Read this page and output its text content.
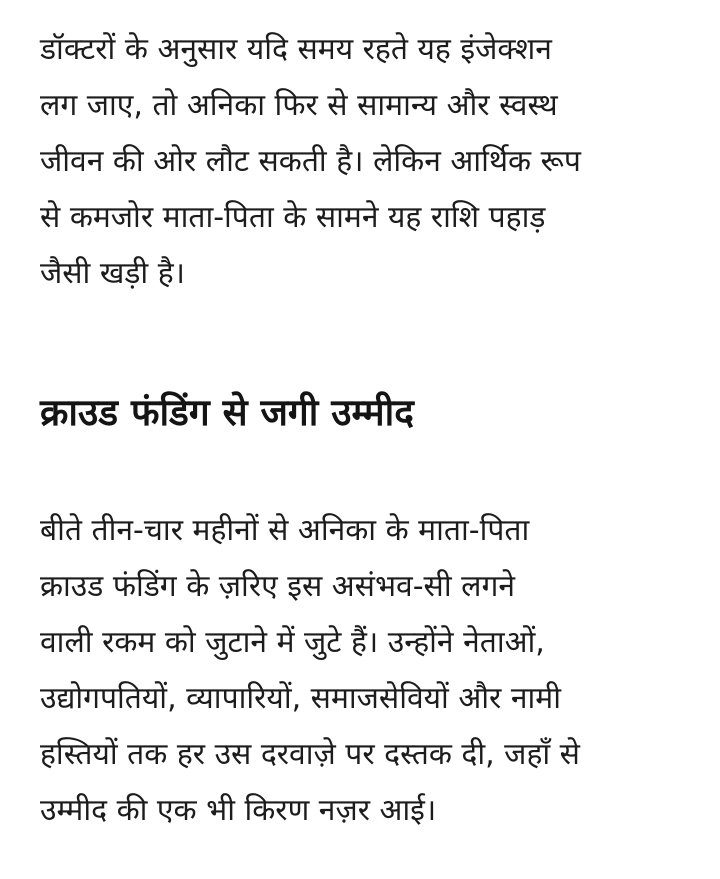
डॉक्टरों के अनुसार यदि समय रहते यह इंजेक्शन
लग जाए, तो अनिका फिर से सामान्य और स्वस्थ
जीवन की ओर लौट सकती है। लेकिन आर्थिक रूप
से कमजोर माता-पिता के सामने यह राशि पहाड़
जैसी खड़ी है।

क्राउड फंडिंग से जगी उम्मीद

बीते तीन-चार महीनों से अनिका के माता-पिता
क्राउड फंडिंग के ज़रिए इस असंभव-सी लगने
वाली रकम को जुटाने में जुटे हैं। उन्होंने नेताओं,
उद्योगपतियों, व्यापारियों, समाजसेवियों और नामी
हस्तियों तक हर उस दरवाज़े पर दस्तक दी, जहाँ से
उम्मीद की एक भी किरण नज़र आई।
